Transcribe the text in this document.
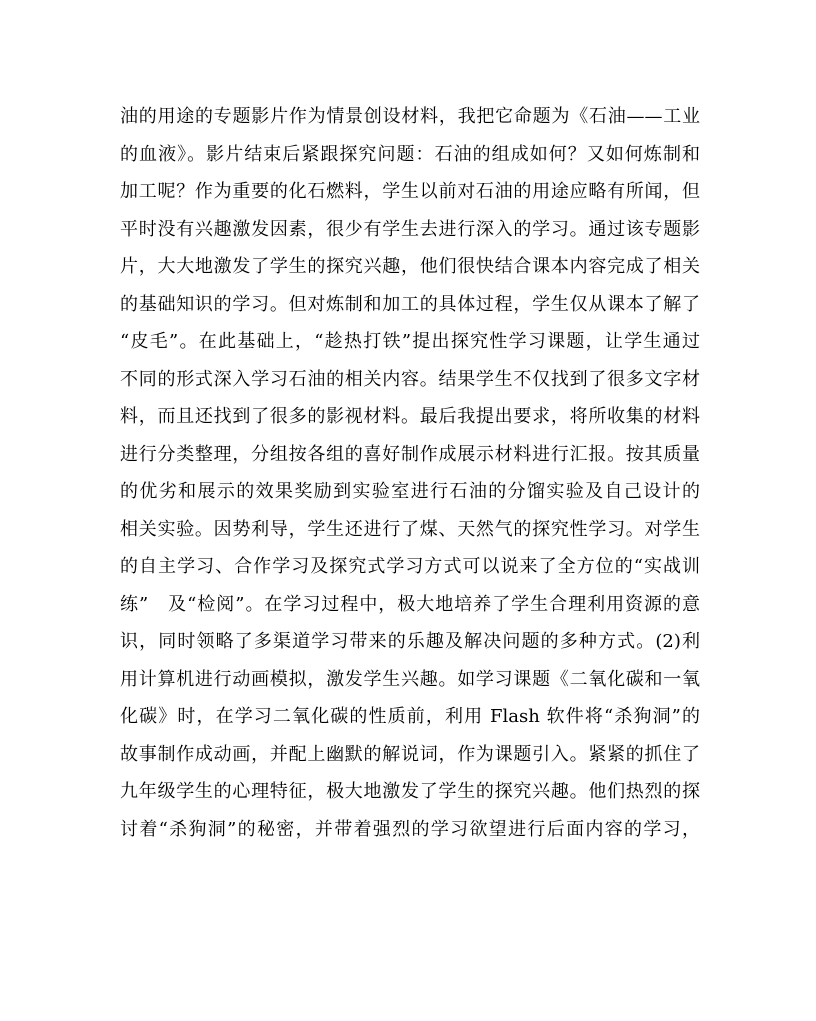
油的用途的专题影片作为情景创设材料，我把它命题为《石油——工业
的血液》。影片结束后紧跟探究问题：石油的组成如何？又如何炼制和
加工呢？作为重要的化石燃料，学生以前对石油的用途应略有所闻，但
平时没有兴趣激发因素，很少有学生去进行深入的学习。通过该专题影
片，大大地激发了学生的探究兴趣，他们很快结合课本内容完成了相关
的基础知识的学习。但对炼制和加工的具体过程，学生仅从课本了解了
“皮毛”。在此基础上，“趁热打铁”提出探究性学习课题，让学生通过
不同的形式深入学习石油的相关内容。结果学生不仅找到了很多文字材
料，而且还找到了很多的影视材料。最后我提出要求，将所收集的材料
进行分类整理，分组按各组的喜好制作成展示材料进行汇报。按其质量
的优劣和展示的效果奖励到实验室进行石油的分馏实验及自己设计的
相关实验。因势利导，学生还进行了煤、天然气的探究性学习。对学生
的自主学习、合作学习及探究式学习方式可以说来了全方位的“实战训
练”　及“检阅”。在学习过程中，极大地培养了学生合理利用资源的意
识，同时领略了多渠道学习带来的乐趣及解决问题的多种方式。(2)利
用计算机进行动画模拟，激发学生兴趣。如学习课题《二氧化碳和一氧
化碳》时，在学习二氧化碳的性质前，利用 Flash 软件将“杀狗洞”的
故事制作成动画，并配上幽默的解说词，作为课题引入。紧紧的抓住了
九年级学生的心理特征，极大地激发了学生的探究兴趣。他们热烈的探
讨着“杀狗洞”的秘密，并带着强烈的学习欲望进行后面内容的学习，
